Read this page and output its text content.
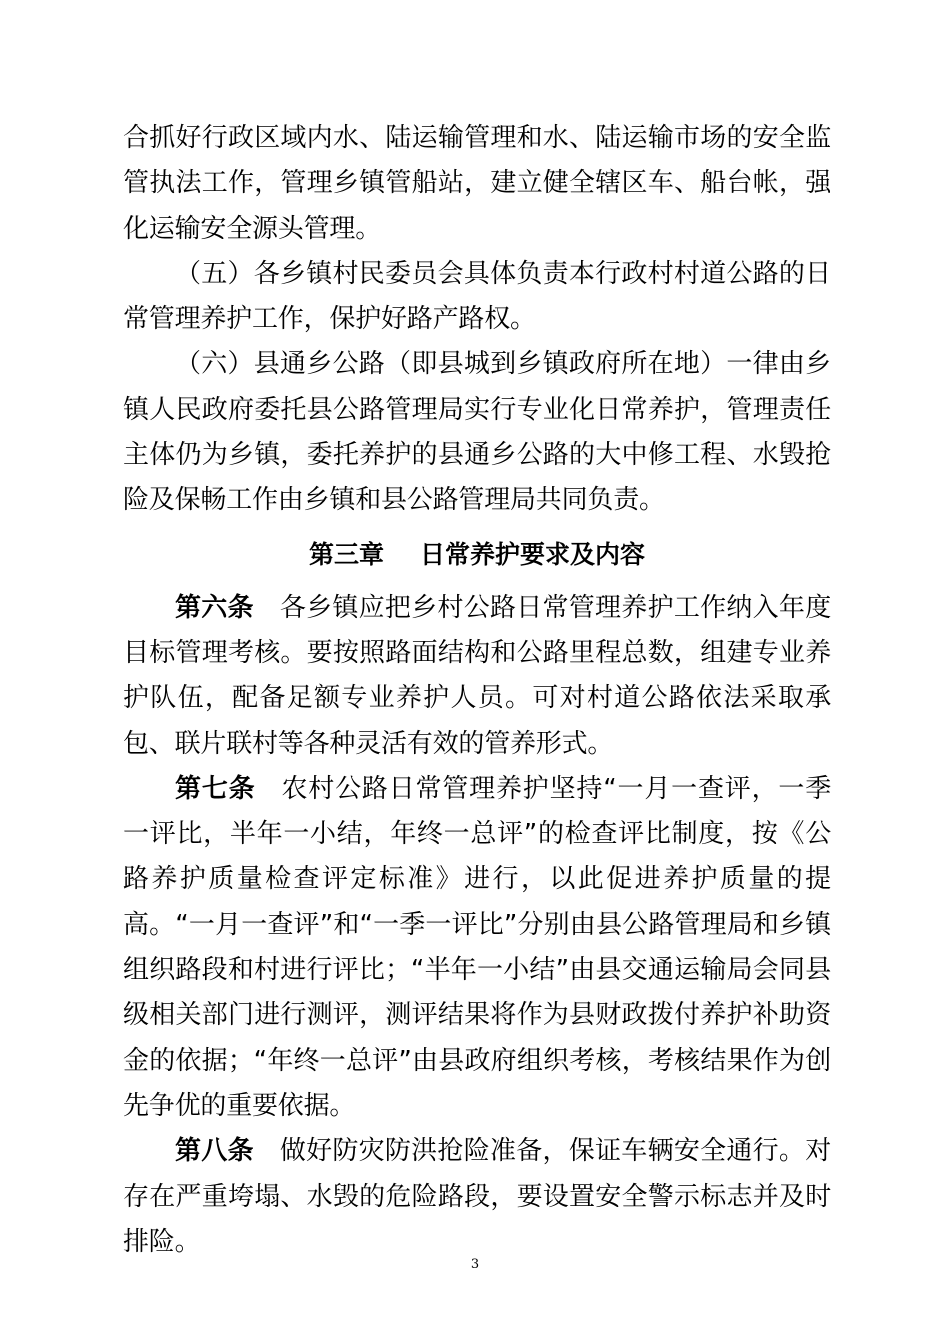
合抓好行政区域内水、陆运输管理和水、陆运输市场的安全监管执法工作，管理乡镇管船站，建立健全辖区车、船台帐，强化运输安全源头管理。

（五）各乡镇村民委员会具体负责本行政村村道公路的日常管理养护工作，保护好路产路权。

（六）县通乡公路（即县城到乡镇政府所在地）一律由乡镇人民政府委托县公路管理局实行专业化日常养护，管理责任主体仍为乡镇，委托养护的县通乡公路的大中修工程、水毁抢险及保畅工作由乡镇和县公路管理局共同负责。

第三章 日常养护要求及内容

第六条 各乡镇应把乡村公路日常管理养护工作纳入年度目标管理考核。要按照路面结构和公路里程总数，组建专业养护队伍，配备足额专业养护人员。可对村道公路依法采取承包、联片联村等各种灵活有效的管养形式。

第七条 农村公路日常管理养护坚持“一月一查评，一季一评比，半年一小结，年终一总评”的检查评比制度，按《公路养护质量检查评定标准》进行，以此促进养护质量的提高。“一月一查评”和“一季一评比”分别由县公路管理局和乡镇组织路段和村进行评比；“半年一小结”由县交通运输局会同县级相关部门进行测评，测评结果将作为县财政拨付养护补助资金的依据；“年终一总评”由县政府组织考核，考核结果作为创先争优的重要依据。

第八条 做好防灾防洪抢险准备，保证车辆安全通行。对存在严重垮塌、水毁的危险路段，要设置安全警示标志并及时排险。

3
